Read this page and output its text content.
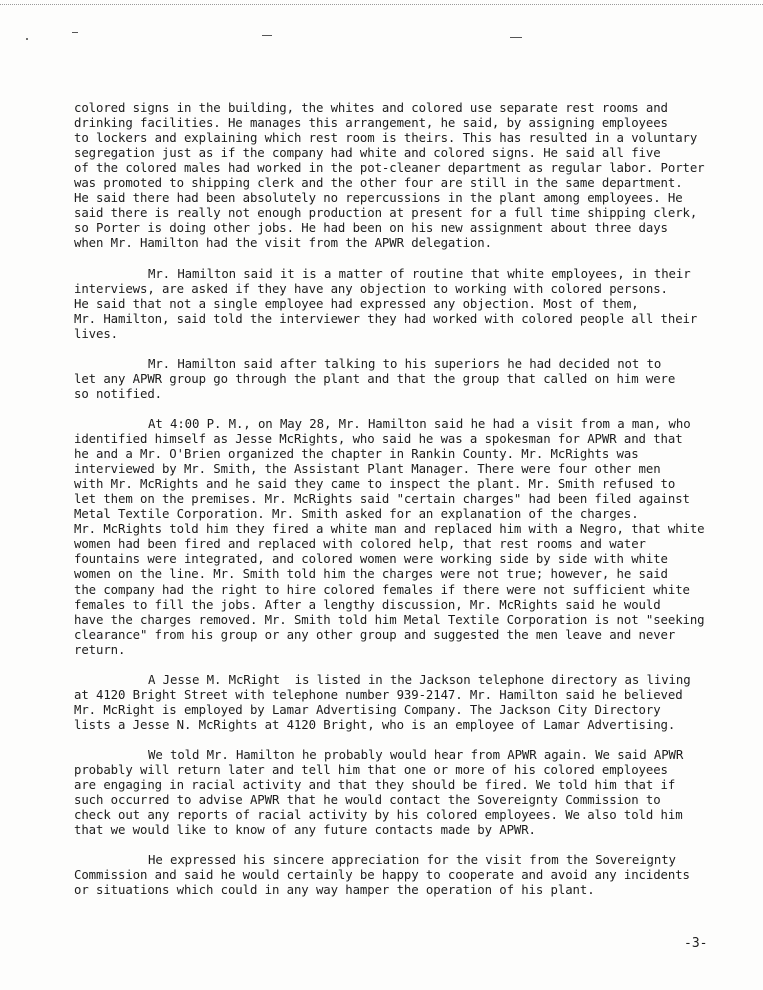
colored signs in the building, the whites and colored use separate rest rooms and
drinking facilities. He manages this arrangement, he said, by assigning employees
to lockers and explaining which rest room is theirs. This has resulted in a voluntary
segregation just as if the company had white and colored signs. He said all five
of the colored males had worked in the pot-cleaner department as regular labor. Porter
was promoted to shipping clerk and the other four are still in the same department.
He said there had been absolutely no repercussions in the plant among employees. He
said there is really not enough production at present for a full time shipping clerk,
so Porter is doing other jobs. He had been on his new assignment about three days
when Mr. Hamilton had the visit from the APWR delegation.
Mr. Hamilton said it is a matter of routine that white employees, in their
interviews, are asked if they have any objection to working with colored persons.
He said that not a single employee had expressed any objection. Most of them,
Mr. Hamilton, said told the interviewer they had worked with colored people all their
lives.
Mr. Hamilton said after talking to his superiors he had decided not to
let any APWR group go through the plant and that the group that called on him were
so notified.
At 4:00 P. M., on May 28, Mr. Hamilton said he had a visit from a man, who
identified himself as Jesse McRights, who said he was a spokesman for APWR and that
he and a Mr. O'Brien organized the chapter in Rankin County. Mr. McRights was
interviewed by Mr. Smith, the Assistant Plant Manager. There were four other men
with Mr. McRights and he said they came to inspect the plant. Mr. Smith refused to
let them on the premises. Mr. McRights said "certain charges" had been filed against
Metal Textile Corporation. Mr. Smith asked for an explanation of the charges.
Mr. McRights told him they fired a white man and replaced him with a Negro, that white
women had been fired and replaced with colored help, that rest rooms and water
fountains were integrated, and colored women were working side by side with white
women on the line. Mr. Smith told him the charges were not true; however, he said
the company had the right to hire colored females if there were not sufficient white
females to fill the jobs. After a lengthy discussion, Mr. McRights said he would
have the charges removed. Mr. Smith told him Metal Textile Corporation is not "seeking
clearance" from his group or any other group and suggested the men leave and never
return.
A Jesse M. McRight  is listed in the Jackson telephone directory as living
at 4120 Bright Street with telephone number 939-2147. Mr. Hamilton said he believed
Mr. McRight is employed by Lamar Advertising Company. The Jackson City Directory
lists a Jesse N. McRights at 4120 Bright, who is an employee of Lamar Advertising.
We told Mr. Hamilton he probably would hear from APWR again. We said APWR
probably will return later and tell him that one or more of his colored employees
are engaging in racial activity and that they should be fired. We told him that if
such occurred to advise APWR that he would contact the Sovereignty Commission to
check out any reports of racial activity by his colored employees. We also told him
that we would like to know of any future contacts made by APWR.
He expressed his sincere appreciation for the visit from the Sovereignty
Commission and said he would certainly be happy to cooperate and avoid any incidents
or situations which could in any way hamper the operation of his plant.
-3-
